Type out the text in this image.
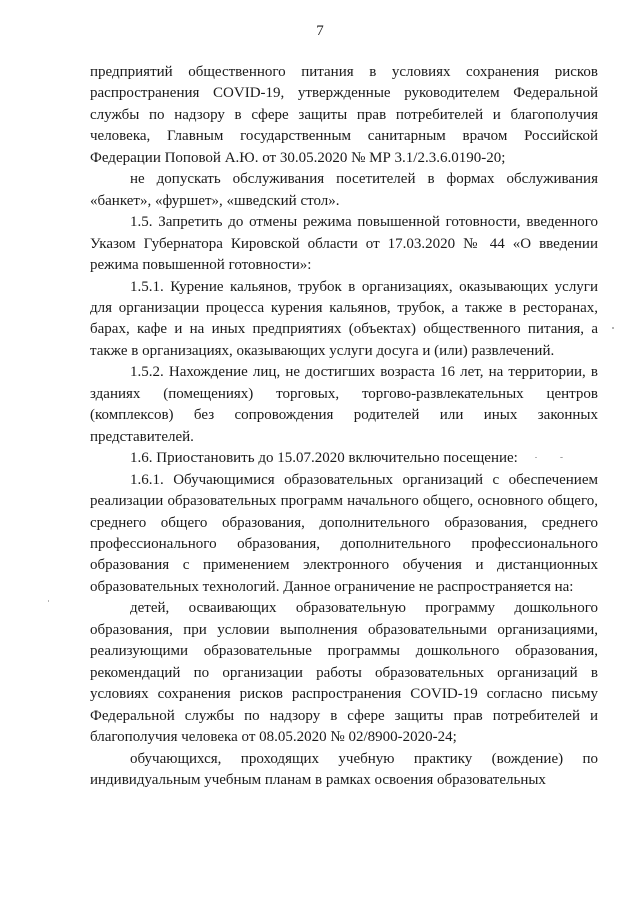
7

предприятий общественного питания в условиях сохранения рисков распространения COVID-19, утвержденные руководителем Федеральной службы по надзору в сфере защиты прав потребителей и благополучия человека, Главным государственным санитарным врачом Российской Федерации Поповой А.Ю. от 30.05.2020 № МР 3.1/2.3.6.0190-20;

не допускать обслуживания посетителей в формах обслуживания «банкет», «фуршет», «шведский стол».

1.5. Запретить до отмены режима повышенной готовности, введенного Указом Губернатора Кировской области от 17.03.2020 № 44 «О введении режима повышенной готовности»:

1.5.1. Курение кальянов, трубок в организациях, оказывающих услуги для организации процесса курения кальянов, трубок, а также в ресторанах, барах, кафе и на иных предприятиях (объектах) общественного питания, а также в организациях, оказывающих услуги досуга и (или) развлечений.

1.5.2. Нахождение лиц, не достигших возраста 16 лет, на территории, в зданиях (помещениях) торговых, торгово-развлекательных центров (комплексов) без сопровождения родителей или иных законных представителей.

1.6. Приостановить до 15.07.2020 включительно посещение:

1.6.1. Обучающимися образовательных организаций с обеспечением реализации образовательных программ начального общего, основного общего, среднего общего образования, дополнительного образования, среднего профессионального образования, дополнительного профессионального образования с применением электронного обучения и дистанционных образовательных технологий. Данное ограничение не распространяется на:

детей, осваивающих образовательную программу дошкольного образования, при условии выполнения образовательными организациями, реализующими образовательные программы дошкольного образования, рекомендаций по организации работы образовательных организаций в условиях сохранения рисков распространения COVID-19 согласно письму Федеральной службы по надзору в сфере защиты прав потребителей и благополучия человека от 08.05.2020 № 02/8900-2020-24;

обучающихся, проходящих учебную практику (вождение) по индивидуальным учебным планам в рамках освоения образовательных
